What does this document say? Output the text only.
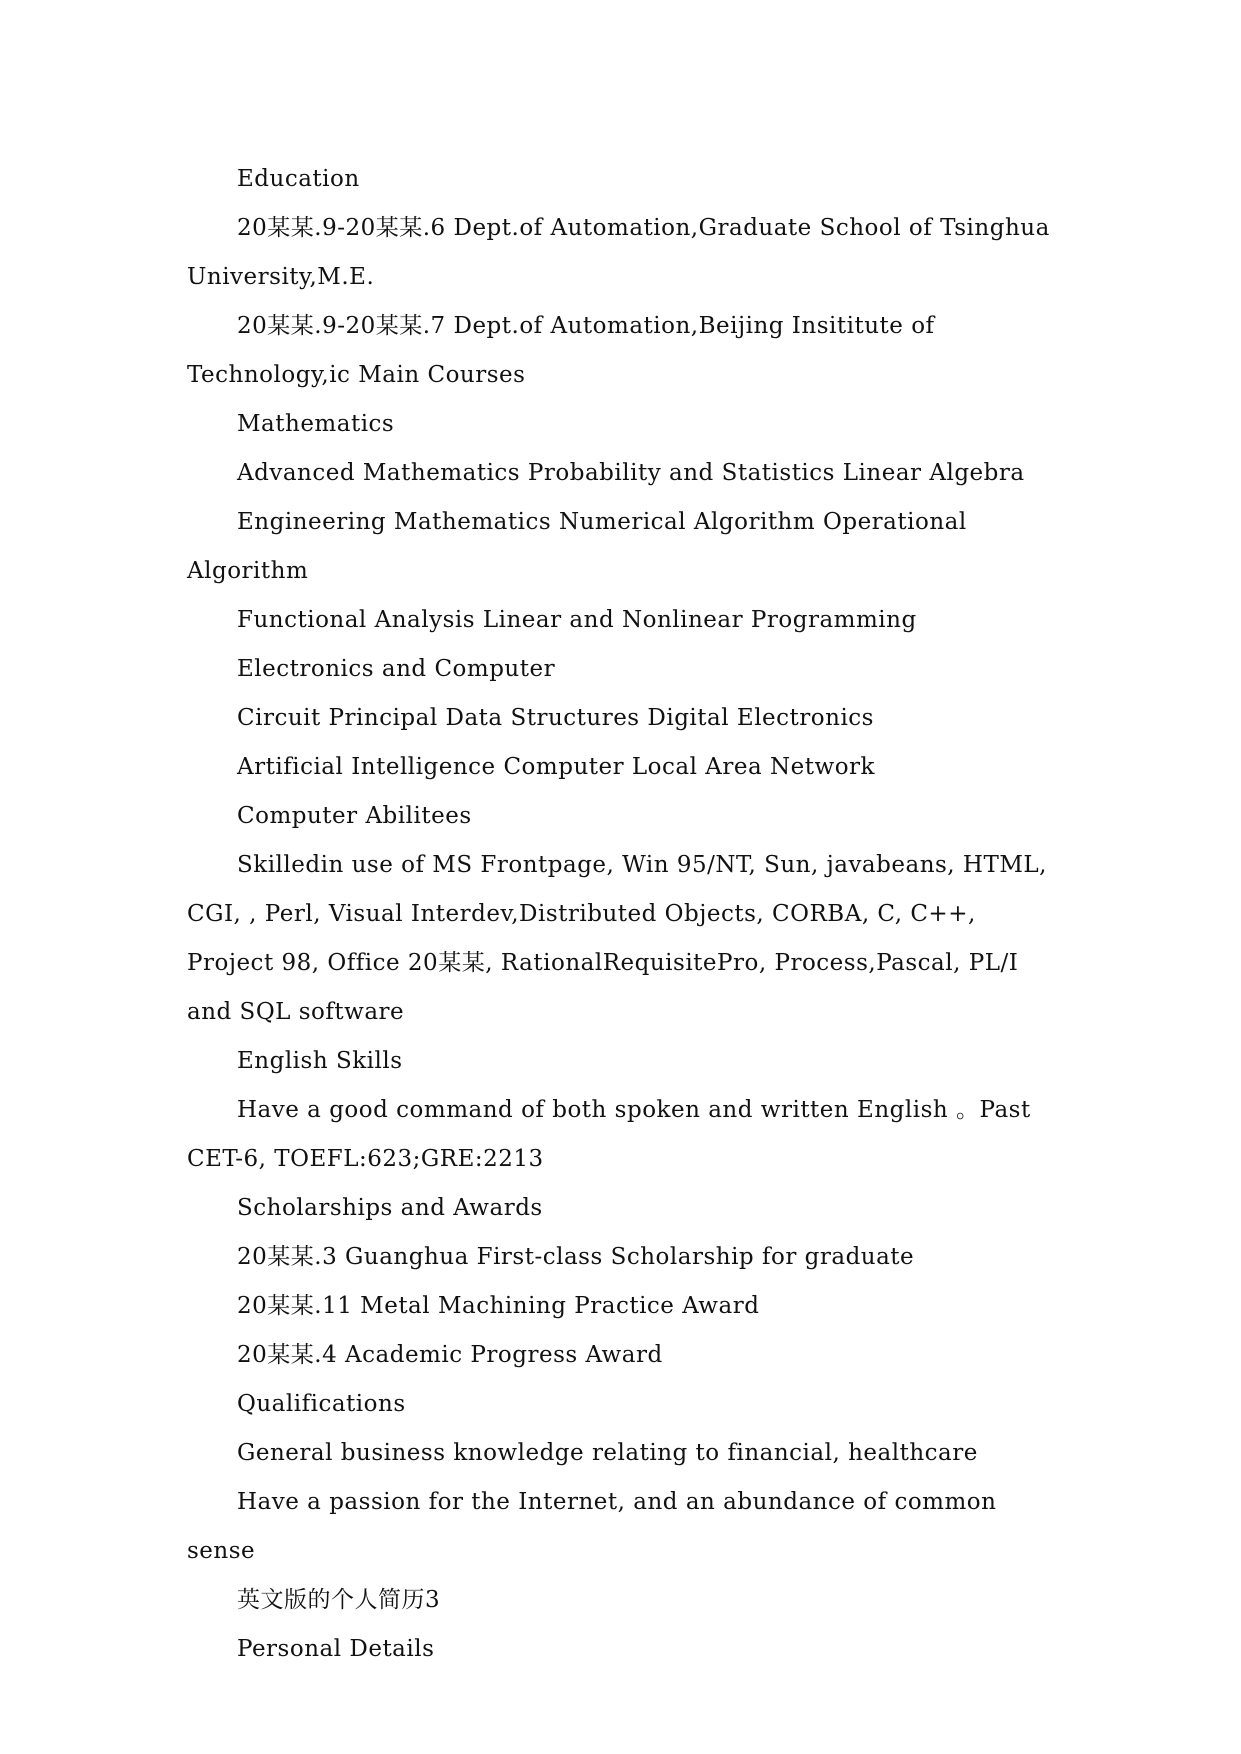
Education

20某某.9-20某某.6 Dept.of Automation,Graduate School of Tsinghua University,M.E.

20某某.9-20某某.7 Dept.of Automation,Beijing Insititute of Technology,ic Main Courses

Mathematics

Advanced Mathematics Probability and Statistics Linear Algebra

Engineering Mathematics Numerical Algorithm Operational Algorithm

Functional Analysis Linear and Nonlinear Programming

Electronics and Computer

Circuit Principal Data Structures Digital Electronics

Artificial Intelligence Computer Local Area Network

Computer Abilitees

Skilledin use of MS Frontpage, Win 95/NT, Sun, javabeans, HTML, CGI, , Perl, Visual Interdev,Distributed Objects, CORBA, C, C++, Project 98, Office 20某某, RationalRequisitePro, Process,Pascal, PL/I and SQL software

English Skills

Have a good command of both spoken and written English 。Past CET-6, TOEFL:623;GRE:2213

Scholarships and Awards

20某某.3 Guanghua First-class Scholarship for graduate

20某某.11 Metal Machining Practice Award

20某某.4 Academic Progress Award

Qualifications

General business knowledge relating to financial, healthcare

Have a passion for the Internet, and an abundance of common sense

英文版的个人简历3

Personal Details
